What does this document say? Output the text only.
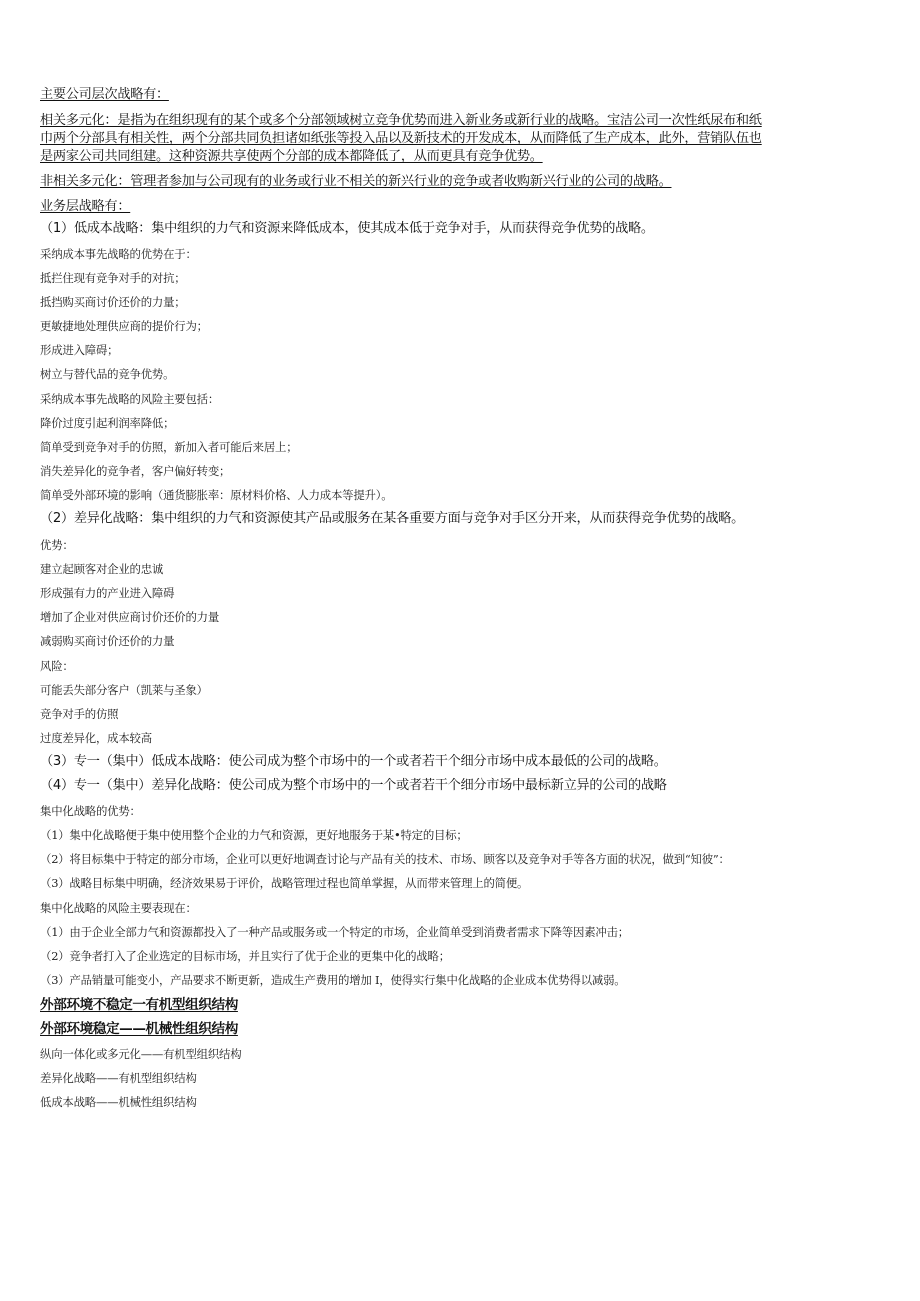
主要公司层次战略有：
相关多元化：是指为在组织现有的某个或多个分部领域树立竞争优势而进入新业务或新行业的战略。宝洁公司一次性纸尿布和纸
巾两个分部具有相关性，两个分部共同负担诸如纸张等投入品以及新技术的开发成本，从而降低了生产成本，此外，营销队伍也
是两家公司共同组建。这种资源共享使两个分部的成本都降低了，从而更具有竞争优势。
非相关多元化：管理者参加与公司现有的业务或行业不相关的新兴行业的竞争或者收购新兴行业的公司的战略。
业务层战略有：
（1）低成本战略：集中组织的力气和资源来降低成本，使其成本低于竞争对手，从而获得竞争优势的战略。
采纳成本事先战略的优势在于：
抵拦住现有竞争对手的对抗；
抵挡购买商讨价还价的力量；
更敏捷地处理供应商的提价行为；
形成进入障碍；
树立与替代品的竞争优势。
采纳成本事先战略的风险主要包括：
降价过度引起利润率降低；
简单受到竞争对手的仿照，新加入者可能后来居上；
消失差异化的竞争者，客户偏好转变；
简单受外部环境的影响（通货膨胀率：原材料价格、人力成本等提升）。
（2）差异化战略：集中组织的力气和资源使其产品或服务在某各重要方面与竞争对手区分开来，从而获得竞争优势的战略。
优势：
建立起顾客对企业的忠诚
形成强有力的产业进入障碍
增加了企业对供应商讨价还价的力量
减弱购买商讨价还价的力量
风险：
可能丢失部分客户（凯莱与圣象）
竞争对手的仿照
过度差异化，成本较高
（3）专一（集中）低成本战略：使公司成为整个市场中的一个或者若干个细分市场中成本最低的公司的战略。
（4）专一（集中）差异化战略：使公司成为整个市场中的一个或者若干个细分市场中最标新立异的公司的战略
集中化战略的优势：
（1）集中化战略便于集中使用整个企业的力气和资源，更好地服务于某•特定的目标；
（2）将目标集中于特定的部分市场，企业可以更好地调查讨论与产品有关的技术、市场、顾客以及竞争对手等各方面的状况，做到“知彼”：
（3）战略目标集中明确，经济效果易于评价，战略管理过程也简单掌握，从而带来管理上的简便。
集中化战略的风险主要表现在：
（1）由于企业全部力气和资源都投入了一种产品或服务或一个特定的市场，企业简单受到消费者需求下降等因素冲击；
（2）竞争者打入了企业选定的目标市场，并且实行了优于企业的更集中化的战略；
（3）产品销量可能变小，产品要求不断更新，造成生产费用的增加 I，使得实行集中化战略的企业成本优势得以减弱。
外部环境不稳定一有机型组织结构
外部环境稳定——机械性组织结构
纵向一体化或多元化——有机型组织结构
差异化战略——有机型组织结构
低成本战略——机械性组织结构
